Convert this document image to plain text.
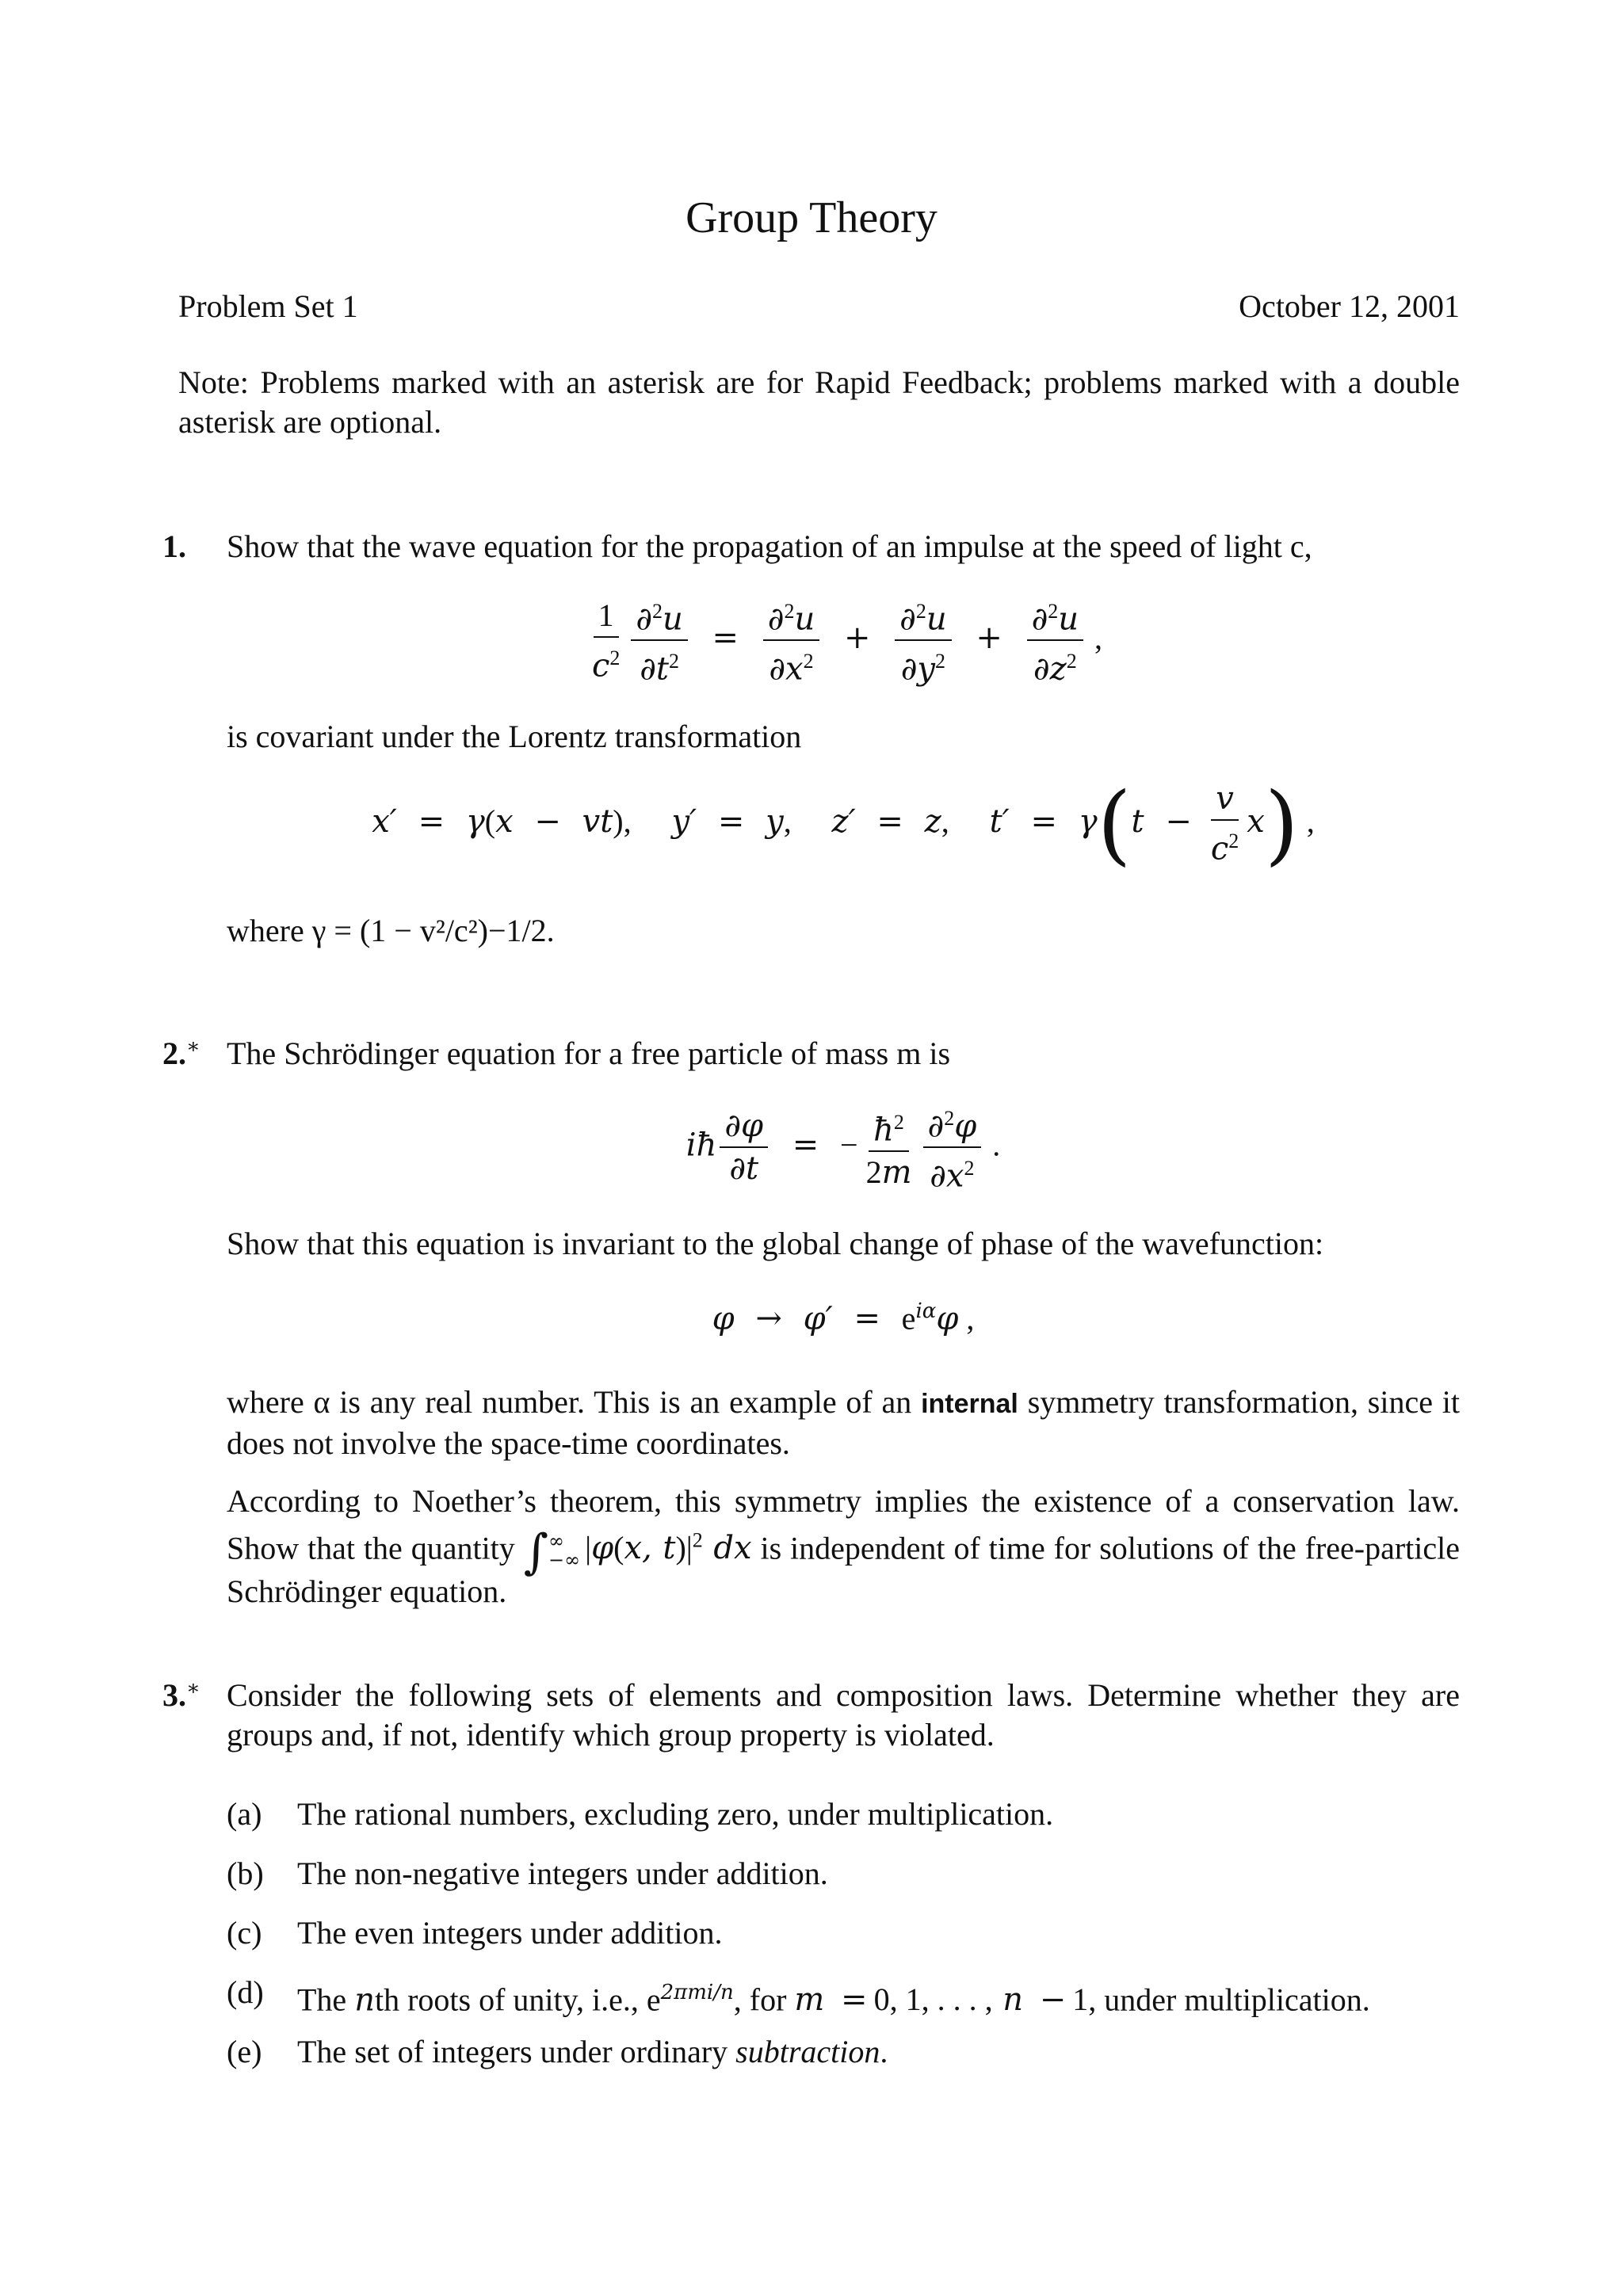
Group Theory
Problem Set 1	October 12, 2001
Note: Problems marked with an asterisk are for Rapid Feedback; problems marked with a double asterisk are optional.
1.	Show that the wave equation for the propagation of an impulse at the speed of light c,
$\frac{1}{c^2} \frac{\partial^2u}{\partial t^2} = \frac{\partial^2u}{\partial x^2} + \frac{\partial^2u}{\partial y^2} + \frac{\partial^2u}{\partial z^2}$ ,
is covariant under the Lorentz transformation
x′ = γ(x − vt),    y′ = y,    z′ = z,    $t' = \gamma(t - \frac{v}{c^2} x)$ ,
where γ = (1 − v²/c²)−1/2.
2.∗ The Schrödinger equation for a free particle of mass m is
iħ $\frac{\partial\varphi}{\partial t}$ = − $\frac{ħ^2}{2m} \frac{\partial^2\varphi}{\partial x^2}$ .
Show that this equation is invariant to the global change of phase of the wavefunction:
$\varphi \to \varphi' = e^{i\alpha}\varphi$ ,
where α is any real number. This is an example of an internal symmetry transformation, since it does not involve the space-time coordinates.
According to Noether’s theorem, this symmetry implies the existence of a conservation law. Show that the quantity ∫ ∞
−∞ |φ(x, $t)|^2$ dx is independent of time for solutions of the free-particle Schrödinger equation.
3.∗ Consider the following sets of elements and composition laws. Determine whether they are groups and, if not, identify which group property is violated.
(a) The rational numbers, excluding zero, under multiplication.
(b) The non-negative integers under addition.
(c) The even integers under addition.
(d) The nth roots of unity, i.e., $e^{2\pi mi/n}$, for m = 0, 1, . . . , n − 1, under multiplication.
(e) The set of integers under ordinary subtraction.
